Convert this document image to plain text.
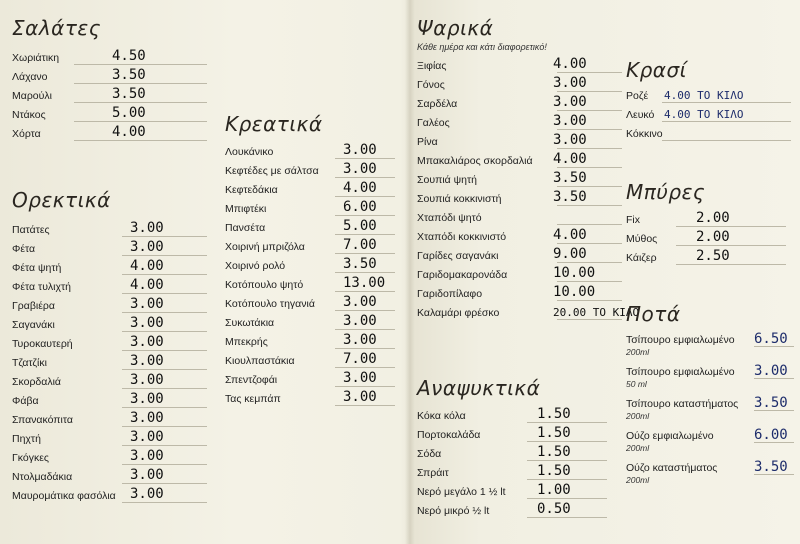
Σαλάτες
Χωριάτικη	4.50
Λάχανο	3.50
Μαρούλι	3.50
Ντάκος	5.00
Χόρτα	4.00
Ορεκτικά
Πατάτες	3.00
Φέτα	3.00
Φέτα ψητή	4.00
Φέτα τυλιχτή	4.00
Γραβιέρα	3.00
Σαγανάκι	3.00
Τυροκαυτερή	3.00
Τζατζίκι	3.00
Σκορδαλιά	3.00
Φάβα	3.00
Σπανακόπιτα	3.00
Πηχτή	3.00
Γκόγκες	3.00
Ντολμαδάκια	3.00
Μαυρομάτικα φασόλια 3.00
Κρεατικά
Λουκάνικο	3.00
Κεφτέδες με σάλτσα 3.00
Κεφτεδάκια	4.00
Μπιφτέκι	6.00
Πανσέτα	5.00
Χοιρινή μπριζόλα	7.00
Χοιρινό ρολό	3.50
Κοτόπουλο ψητό	13.00
Κοτόπουλο τηγανιά 3.00
Συκωτάκια	3.00
Μπεκρής	3.00
Κιουλπαστάκια	7.00
Σπεντζοφάι	3.00
Τας κεμπάπ	3.00
Ψαρικά
Κάθε ημέρα και κάτι διαφορετικό!
Ξιφίας	4.00
Γόνος	3.00
Σαρδέλα	3.00
Γαλέος	3.00
Ρίνα	3.00
Μπακαλιάρος σκορδαλιά 4.00
Σουπιά ψητή	3.50
Σουπιά κοκκινιστή	3.50
Χταπόδι ψητό
Χταπόδι κοκκινιστό	4.00
Γαρίδες σαγανάκι	9.00
Γαριδομακαρονάδα	10.00
Γαριδοπίλαφο	10.00
Καλαμάρι φρέσκο	20.00 ΤΟ ΚΙΛΟ
Αναψυκτικά
Κόκα κόλα	1.50
Πορτοκαλάδα	1.50
Σόδα	1.50
Σπράιτ	1.50
Νερό μεγάλο 1 ½ lt 1.00
Νερό μικρό ½ lt	0.50
Κρασί
Ροζέ 4.00 ΤΟ ΚΙΛΟ
Λευκό 4.00 ΤΟ ΚΙΛΟ
Κόκκινο
Μπύρες
Fix	2.00
Μύθος	2.00
Κάιζερ	2.50
Ποτά
Τσίπουρο εμφιαλωμένο 6.50
200ml
Τσίπουρο εμφιαλωμένο 3.00
50 ml
Τσίπουρο καταστήματος 3.50
200ml
Ούζο εμφιαλωμένο	6.00
200ml
Ούζο καταστήματος	3.50
200ml
